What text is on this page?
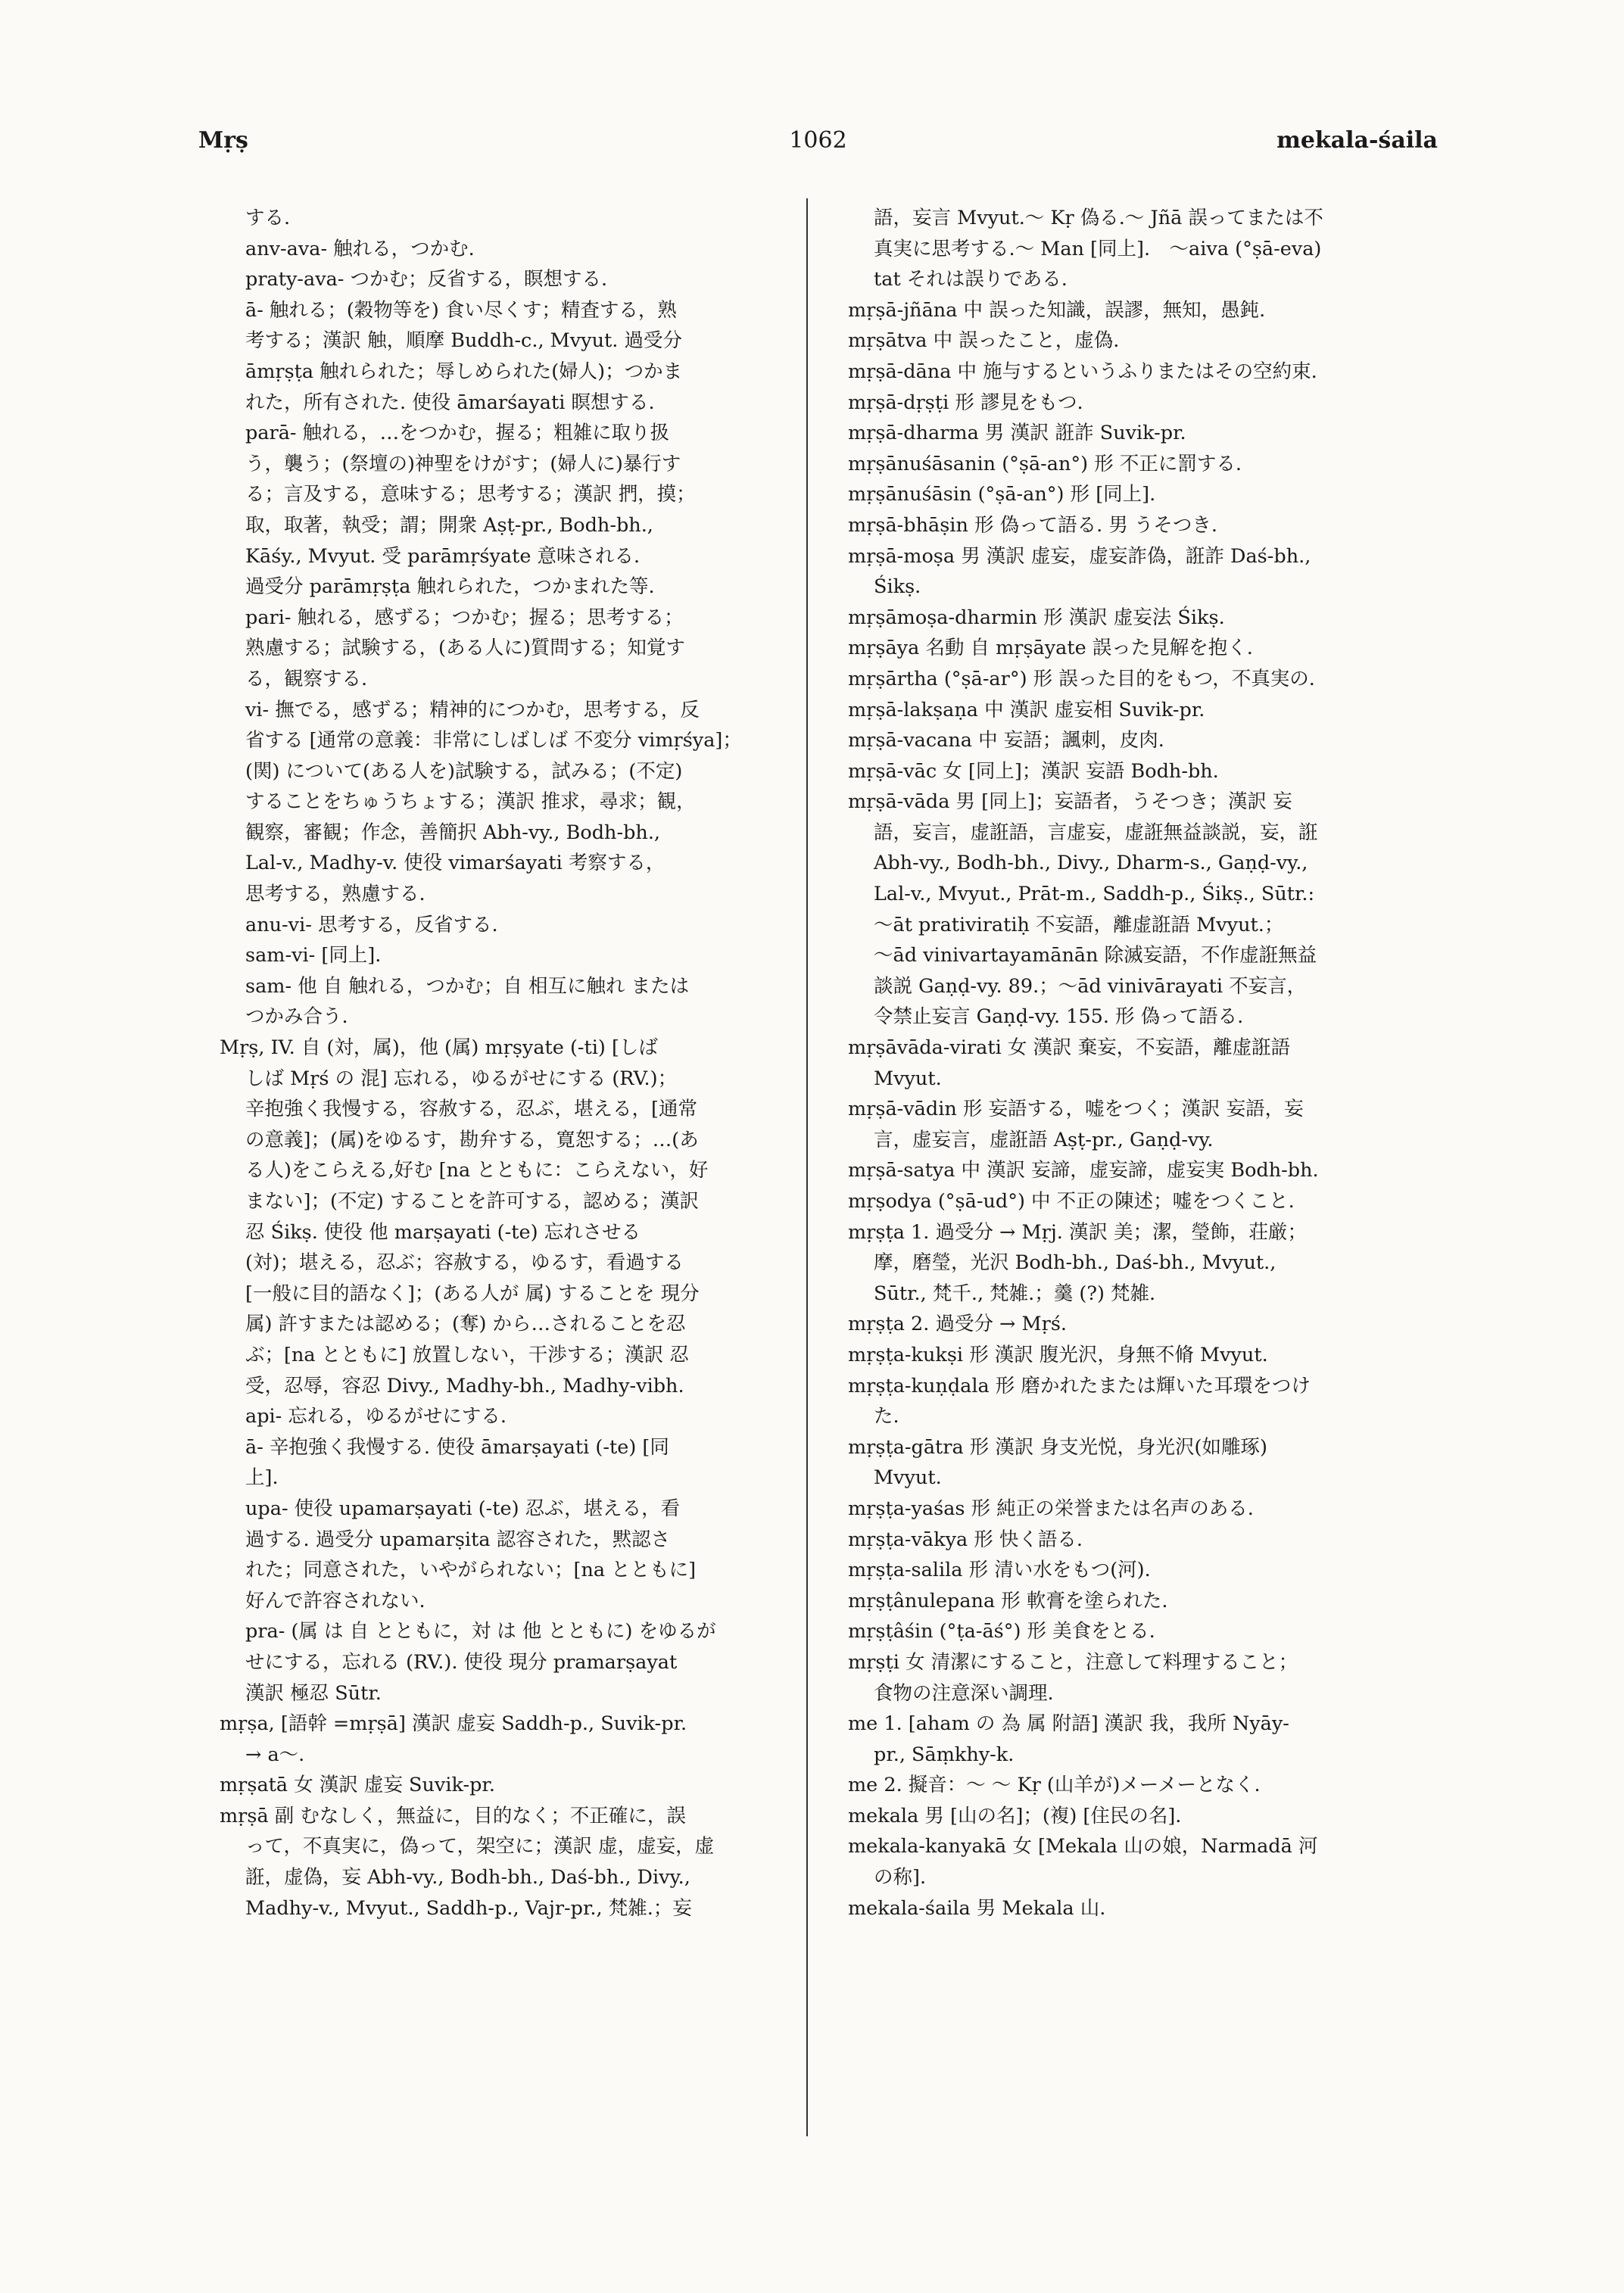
1062
Mṛṣ	mekala-śaila
する.
anv-ava- 触れる，つかむ.
praty-ava- つかむ；反省する，瞑想する.
ā- 触れる；(穀物等を) 食い尽くす；精査する，熟
考する；漢訳 触，順摩 Buddh-c., Mvyut. 過受分
āmṛṣṭa 触れられた；辱しめられた(婦人)；つかま
れた，所有された. 使役 āmarśayati 瞑想する.
parā- 触れる，…をつかむ，握る；粗雑に取り扱
う，襲う；(祭壇の)神聖をけがす；(婦人に)暴行す
る；言及する，意味する；思考する；漢訳 捫，摸；
取，取著，執受；謂；開衆 Aṣṭ-pr., Bodh-bh.,
Kāśy., Mvyut. 受 parāmṛśyate 意味される.
過受分 parāmṛṣṭa 触れられた，つかまれた等.
pari- 触れる，感ずる；つかむ；握る；思考する；
熟慮する；試験する，(ある人に)質問する；知覚す
る，観察する.
vi- 撫でる，感ずる；精神的につかむ，思考する，反
省する [通常の意義：非常にしばしば 不変分 vimṛśya]；
(関) について(ある人を)試験する，試みる；(不定)
することをちゅうちょする；漢訳 推求，尋求；観，
観察，審観；作念，善簡択 Abh-vy., Bodh-bh.,
Lal-v., Madhy-v. 使役 vimarśayati 考察する，
思考する，熟慮する.
anu-vi- 思考する，反省する.
sam-vi- [同上].
sam- 他 自 触れる，つかむ；自 相互に触れ または
つかみ合う.
Mṛṣ, IV. 自 (対，属)，他 (属) mṛṣyate (-ti) [しば
しば Mṛś の 混] 忘れる，ゆるがせにする (RV.)；
辛抱強く我慢する，容赦する，忍ぶ，堪える，[通常
の意義]；(属)をゆるす，勘弁する，寛恕する；…(あ
る人)をこらえる,好む [na とともに：こらえない，好
まない]；(不定) することを許可する，認める；漢訳
忍 Śikṣ. 使役 他 marṣayati (-te) 忘れさせる
(対)；堪える，忍ぶ；容赦する，ゆるす，看過する
[一般に目的語なく]；(ある人が 属) することを 現分
属) 許すまたは認める；(奪) から…されることを忍
ぶ；[na とともに] 放置しない，干渉する；漢訳 忍
受，忍辱，容忍 Divy., Madhy-bh., Madhy-vibh.
api- 忘れる，ゆるがせにする.
ā- 辛抱強く我慢する. 使役 āmarṣayati (-te) [同
上].
upa- 使役 upamarṣayati (-te) 忍ぶ，堪える，看
過する. 過受分 upamarṣita 認容された，黙認さ
れた；同意された，いやがられない；[na とともに]
好んで許容されない.
pra- (属 は 自 とともに，対 は 他 とともに) をゆるが
せにする，忘れる (RV.). 使役 現分 pramarṣayat
漢訳 極忍 Sūtr.
mṛṣa, [語幹 =mṛṣā] 漢訳 虚妄 Saddh-p., Suvik-pr.
→ a～.
mṛṣatā 女 漢訳 虚妄 Suvik-pr.
mṛṣā 副 むなしく，無益に，目的なく；不正確に，誤
って，不真実に，偽って，架空に；漢訳 虚，虚妄，虚
誑，虚偽，妄 Abh-vy., Bodh-bh., Daś-bh., Divy.,
Madhy-v., Mvyut., Saddh-p., Vajr-pr., 梵雑.；妄
語，妄言 Mvyut.～ Kṛ 偽る.～ Jñā 誤ってまたは不
真実に思考する.～ Man [同上].　～aiva (°ṣā-eva)
tat それは誤りである.
mṛṣā-jñāna 中 誤った知識，誤謬，無知，愚鈍.
mṛṣātva 中 誤ったこと，虚偽.
mṛṣā-dāna 中 施与するというふりまたはその空約束.
mṛṣā-dṛṣṭi 形 謬見をもつ.
mṛṣā-dharma 男 漢訳 誑詐 Suvik-pr.
mṛṣānuśāsanin (°ṣā-an°) 形 不正に罰する.
mṛṣānuśāsin (°ṣā-an°) 形 [同上].
mṛṣā-bhāṣin 形 偽って語る. 男 うそつき.
mṛṣā-moṣa 男 漢訳 虚妄，虚妄詐偽，誑詐 Daś-bh.,
Śikṣ.
mṛṣāmoṣa-dharmin 形 漢訳 虚妄法 Śikṣ.
mṛṣāya 名動 自 mṛṣāyate 誤った見解を抱く.
mṛṣārtha (°ṣā-ar°) 形 誤った目的をもつ，不真実の.
mṛṣā-lakṣaṇa 中 漢訳 虚妄相 Suvik-pr.
mṛṣā-vacana 中 妄語；諷刺，皮肉.
mṛṣā-vāc 女 [同上]；漢訳 妄語 Bodh-bh.
mṛṣā-vāda 男 [同上]；妄語者，うそつき；漢訳 妄
語，妄言，虚誑語，言虚妄，虚誑無益談説，妄，誑
Abh-vy., Bodh-bh., Divy., Dharm-s., Gaṇḍ-vy.,
Lal-v., Mvyut., Prāt-m., Saddh-p., Śikṣ., Sūtr.:
～āt prativiratiḥ 不妄語，離虚誑語 Mvyut.；
～ād vinivartayamānān 除滅妄語，不作虚誑無益
談説 Gaṇḍ-vy. 89.；～ād vinivārayati 不妄言，
令禁止妄言 Gaṇḍ-vy. 155. 形 偽って語る.
mṛṣāvāda-virati 女 漢訳 棄妄，不妄語，離虚誑語
Mvyut.
mṛṣā-vādin 形 妄語する，嘘をつく；漢訳 妄語，妄
言，虚妄言，虚誑語 Aṣṭ-pr., Gaṇḍ-vy.
mṛṣā-satya 中 漢訳 妄諦，虚妄諦，虚妄実 Bodh-bh.
mṛṣodya (°ṣā-ud°) 中 不正の陳述；嘘をつくこと.
mṛṣṭa 1. 過受分 → Mṛj. 漢訳 美；潔，瑩飾，荘厳；
摩，磨瑩，光沢 Bodh-bh., Daś-bh., Mvyut.,
Sūtr., 梵千., 梵雑.；羹 (?) 梵雑.
mṛṣṭa 2. 過受分 → Mṛś.
mṛṣṭa-kukṣi 形 漢訳 腹光沢，身無不脩 Mvyut.
mṛṣṭa-kuṇḍala 形 磨かれたまたは輝いた耳環をつけ
た.
mṛṣṭa-gātra 形 漢訳 身支光悦，身光沢(如雕琢)
Mvyut.
mṛṣṭa-yaśas 形 純正の栄誉または名声のある.
mṛṣṭa-vākya 形 快く語る.
mṛṣṭa-salila 形 清い水をもつ(河).
mṛṣṭânulepana 形 軟膏を塗られた.
mṛṣṭâśin (°ṭa-āś°) 形 美食をとる.
mṛṣṭi 女 清潔にすること，注意して料理すること；
食物の注意深い調理.
me 1. [aham の 為 属 附語] 漢訳 我，我所 Nyāy-
pr., Sāṃkhy-k.
me 2. 擬音：～ ～ Kṛ (山羊が)メーメーとなく.
mekala 男 [山の名]；(複) [住民の名].
mekala-kanyakā 女 [Mekala 山の娘，Narmadā 河
の称].
mekala-śaila 男 Mekala 山.
